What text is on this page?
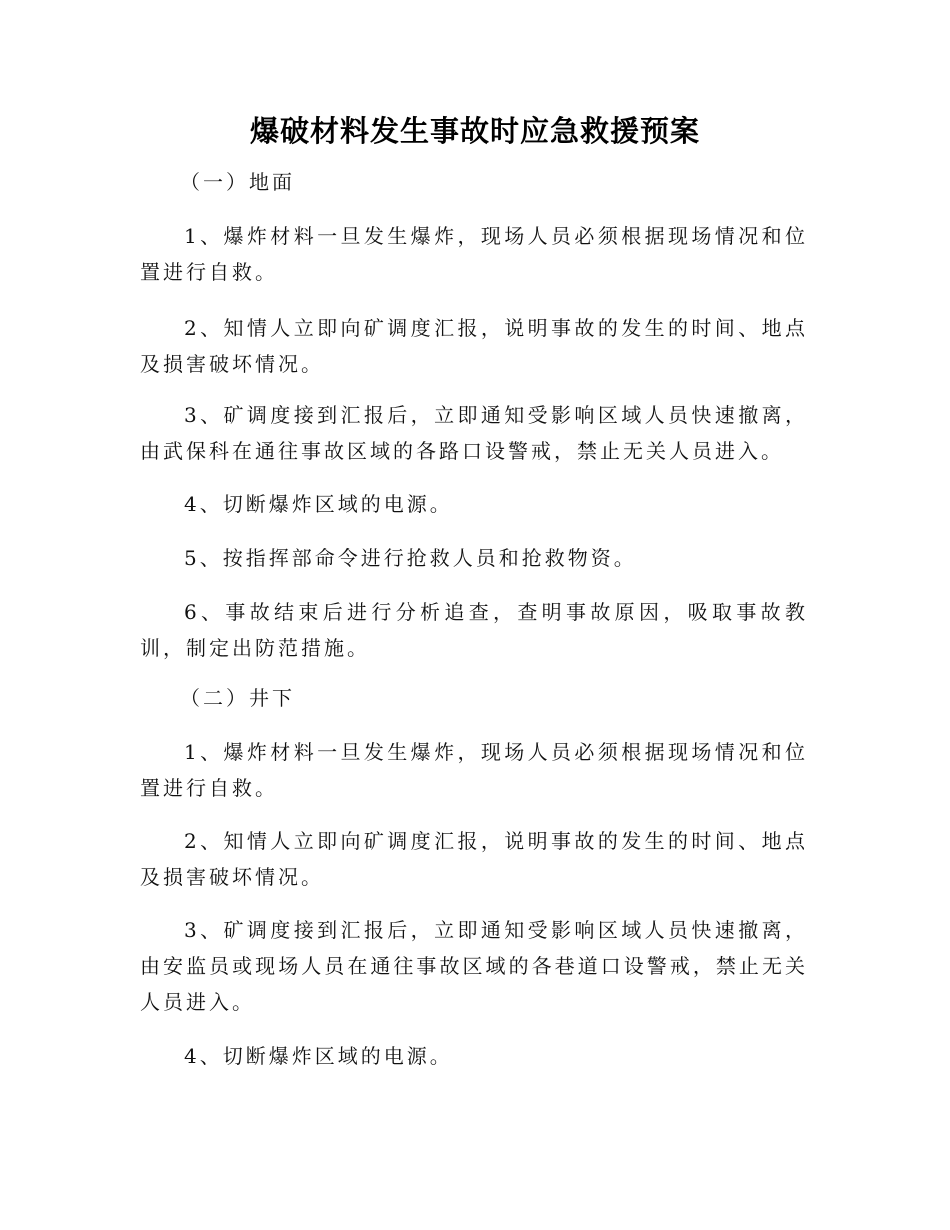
爆破材料发生事故时应急救援预案

（一）地面

1、爆炸材料一旦发生爆炸，现场人员必须根据现场情况和位置进行自救。

2、知情人立即向矿调度汇报，说明事故的发生的时间、地点及损害破坏情况。

3、矿调度接到汇报后，立即通知受影响区域人员快速撤离，由武保科在通往事故区域的各路口设警戒，禁止无关人员进入。

4、切断爆炸区域的电源。

5、按指挥部命令进行抢救人员和抢救物资。

6、事故结束后进行分析追查，查明事故原因，吸取事故教训，制定出防范措施。

（二）井下

1、爆炸材料一旦发生爆炸，现场人员必须根据现场情况和位置进行自救。

2、知情人立即向矿调度汇报，说明事故的发生的时间、地点及损害破坏情况。

3、矿调度接到汇报后，立即通知受影响区域人员快速撤离，由安监员或现场人员在通往事故区域的各巷道口设警戒，禁止无关人员进入。

4、切断爆炸区域的电源。
